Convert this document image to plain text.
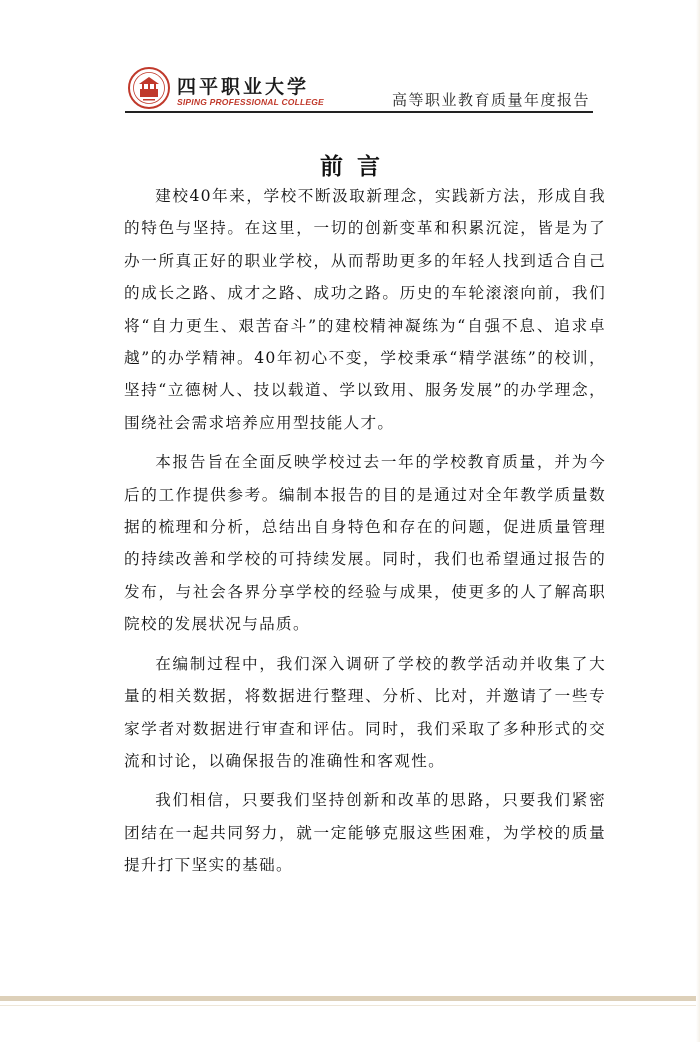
四平职业大学
SIPING PROFESSIONAL COLLEGE	高等职业教育质量年度报告
前言

建校40年来，学校不断汲取新理念，实践新方法，形成自我的特色与坚持。在这里，一切的创新变革和积累沉淀，皆是为了办一所真正好的职业学校，从而帮助更多的年轻人找到适合自己的成长之路、成才之路、成功之路。历史的车轮滚滚向前，我们将“自力更生、艰苦奋斗”的建校精神凝练为“自强不息、追求卓越”的办学精神。40年初心不变，学校秉承“精学湛练”的校训，坚持“立德树人、技以载道、学以致用、服务发展”的办学理念，围绕社会需求培养应用型技能人才。

本报告旨在全面反映学校过去一年的学校教育质量，并为今后的工作提供参考。编制本报告的目的是通过对全年教学质量数据的梳理和分析，总结出自身特色和存在的问题，促进质量管理的持续改善和学校的可持续发展。同时，我们也希望通过报告的发布，与社会各界分享学校的经验与成果，使更多的人了解高职院校的发展状况与品质。

在编制过程中，我们深入调研了学校的教学活动并收集了大量的相关数据，将数据进行整理、分析、比对，并邀请了一些专家学者对数据进行审查和评估。同时，我们采取了多种形式的交流和讨论，以确保报告的准确性和客观性。

我们相信，只要我们坚持创新和改革的思路，只要我们紧密团结在一起共同努力，就一定能够克服这些困难，为学校的质量提升打下坚实的基础。
